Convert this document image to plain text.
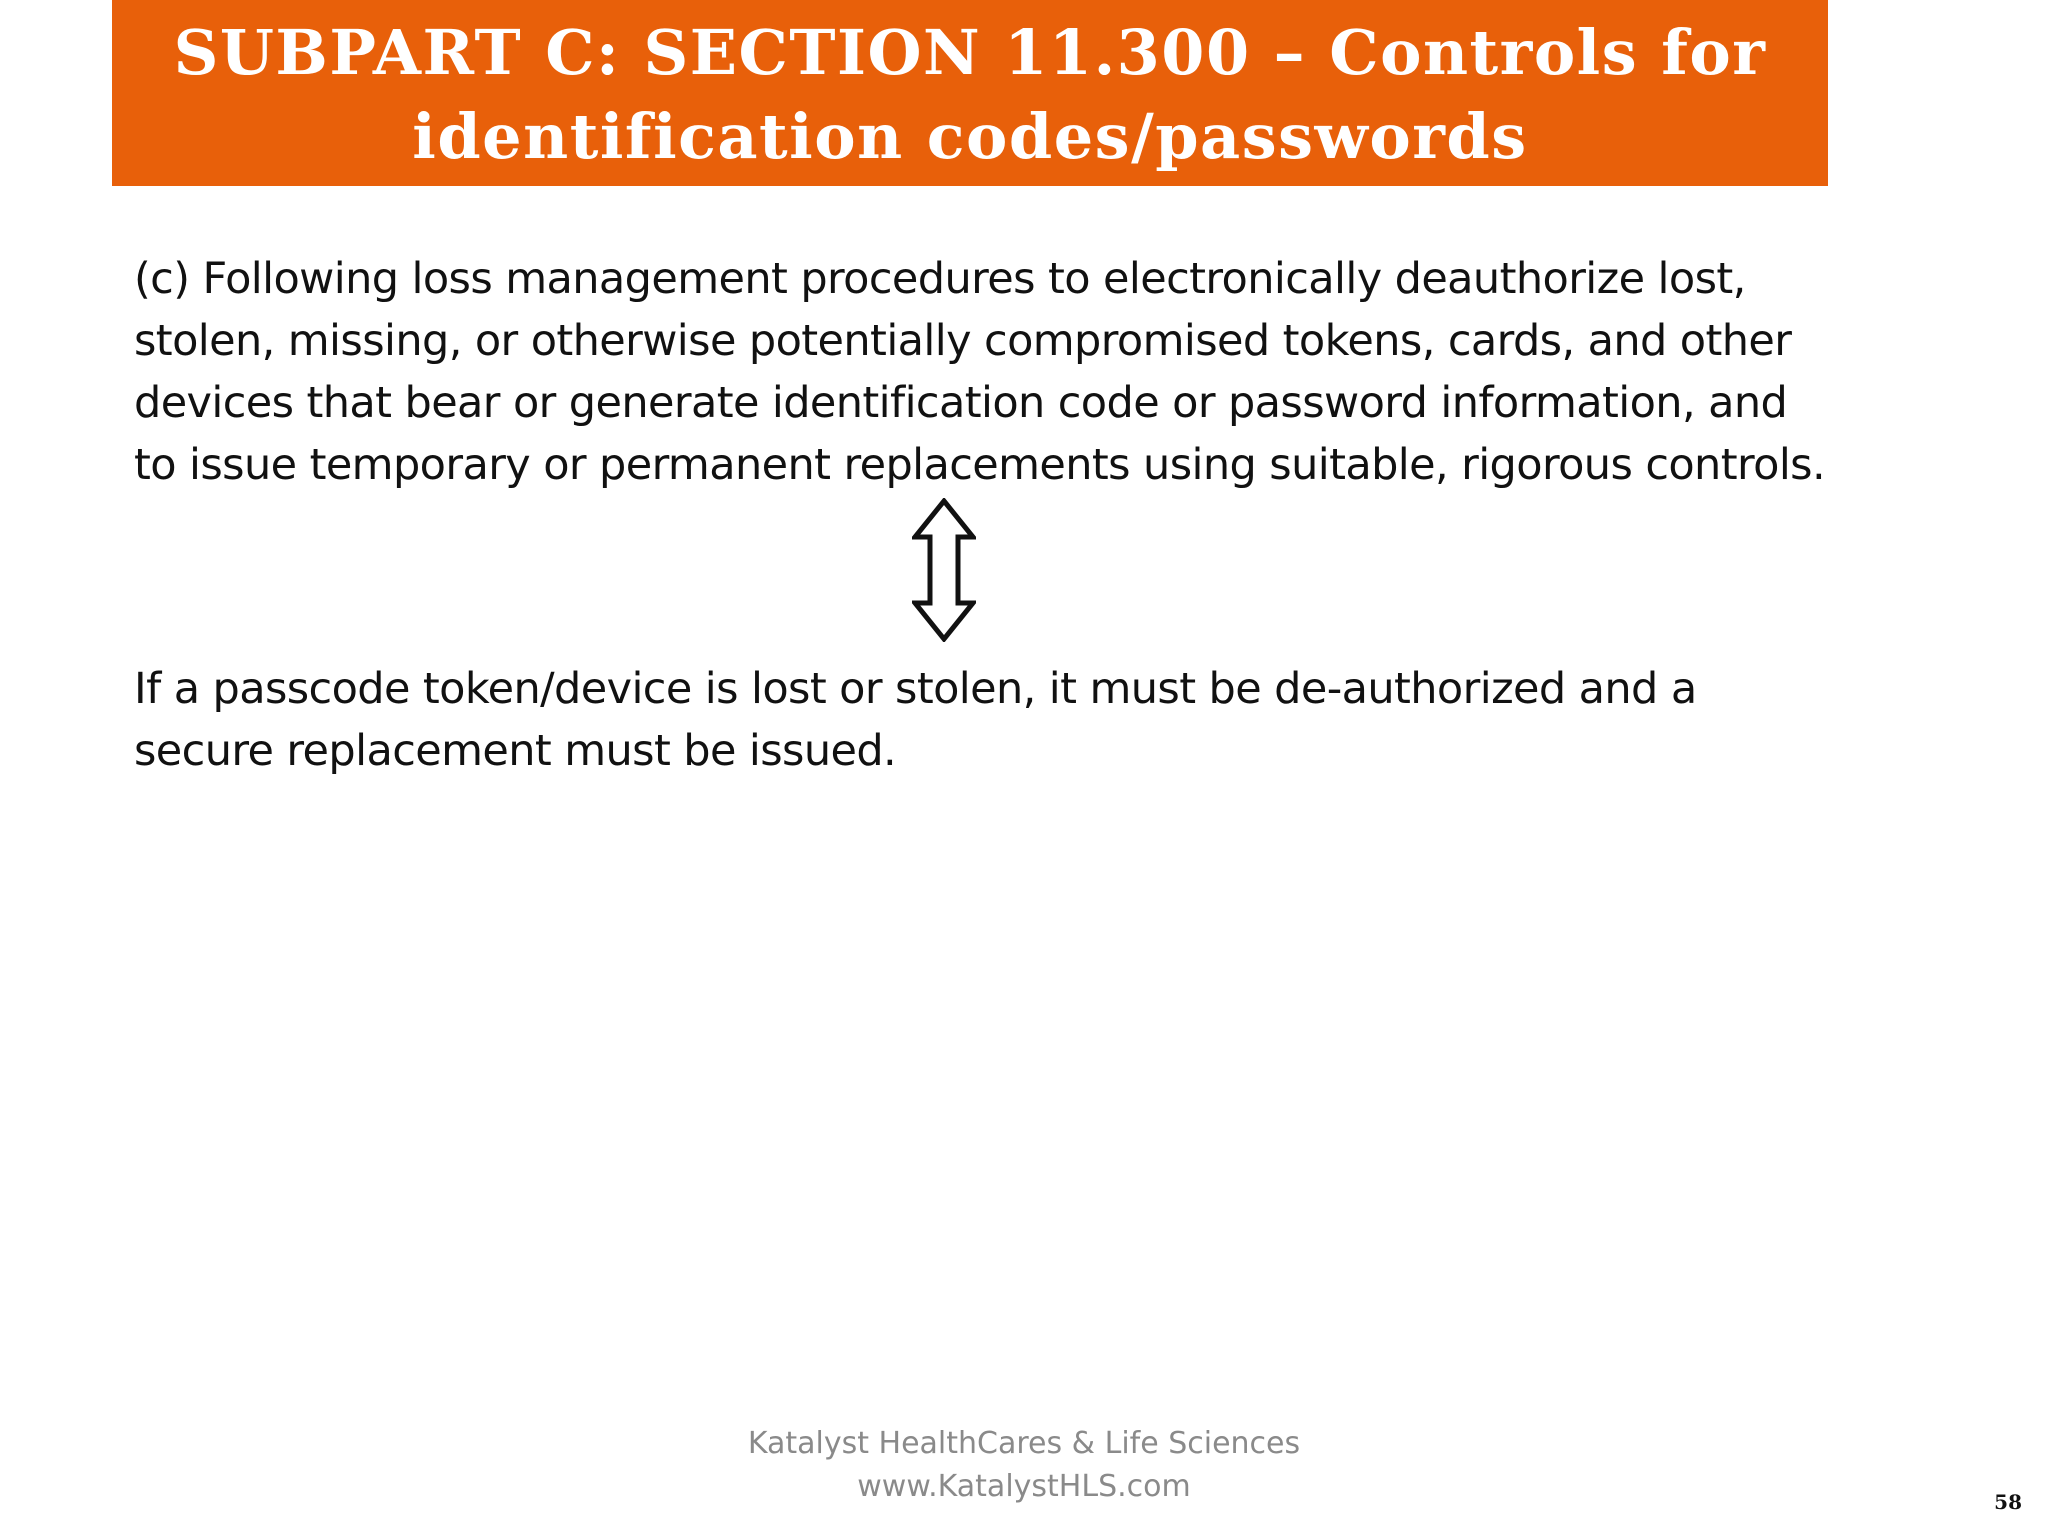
SUBPART C: SECTION 11.300 – Controls for
identification codes/passwords
(c) Following loss management procedures to electronically deauthorize lost,
stolen, missing, or otherwise potentially compromised tokens, cards, and other
devices that bear or generate identification code or password information, and
to issue temporary or permanent replacements using suitable, rigorous controls.
If a passcode token/device is lost or stolen, it must be de-authorized and a
secure replacement must be issued.
Katalyst HealthCares & Life Sciences
www.KatalystHLS.com	58
